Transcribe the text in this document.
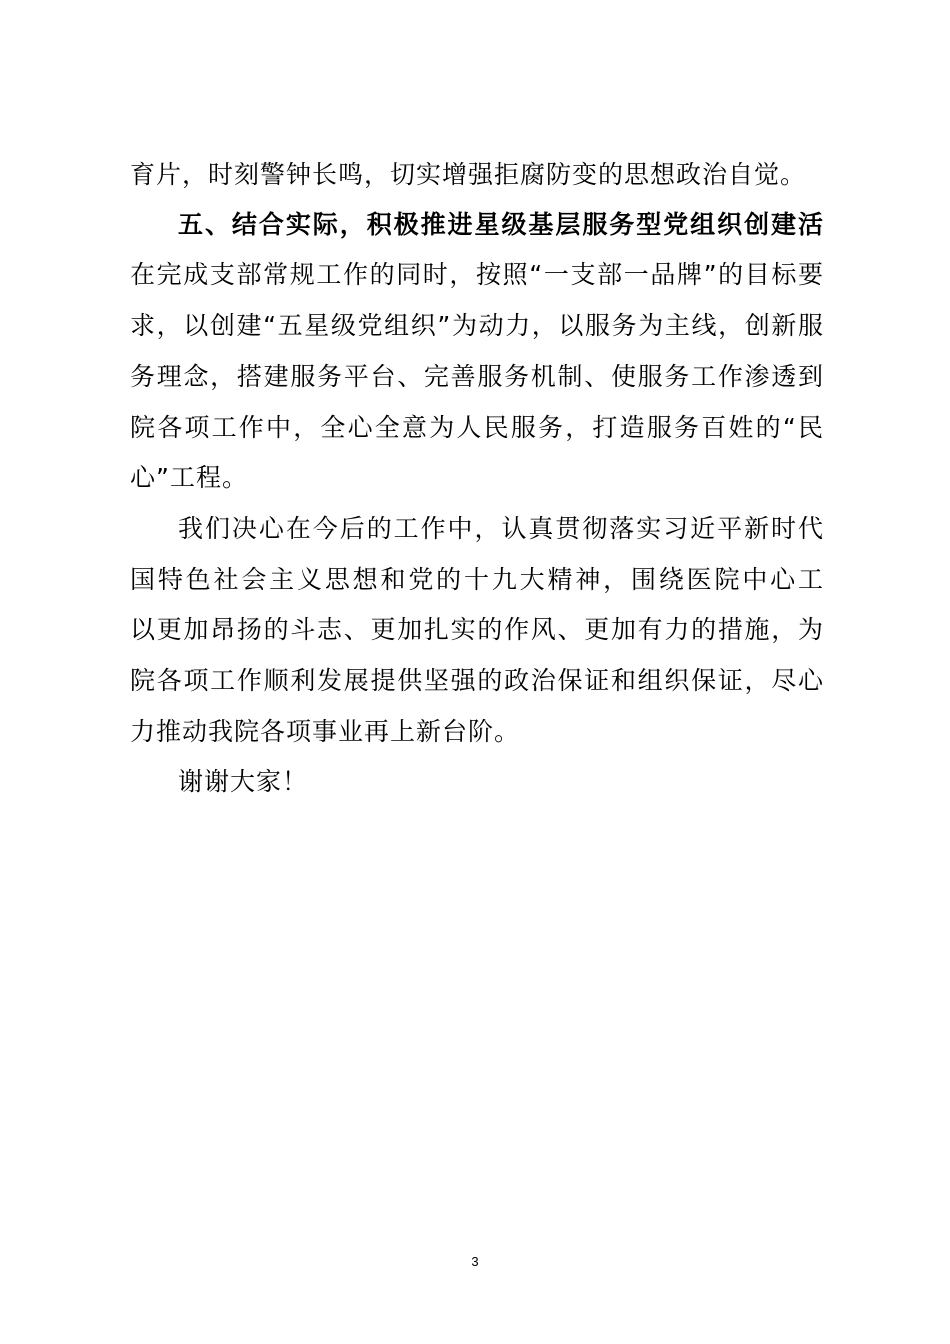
育片，时刻警钟长鸣，切实增强拒腐防变的思想政治自觉。
五、结合实际，积极推进星级基层服务型党组织创建活
在完成支部常规工作的同时，按照“一支部一品牌”的目标要
求，以创建“五星级党组织”为动力，以服务为主线，创新服
务理念，搭建服务平台、完善服务机制、使服务工作渗透到
院各项工作中，全心全意为人民服务，打造服务百姓的“民
心”工程。
我们决心在今后的工作中，认真贯彻落实习近平新时代
国特色社会主义思想和党的十九大精神，围绕医院中心工
以更加昂扬的斗志、更加扎实的作风、更加有力的措施，为
院各项工作顺利发展提供坚强的政治保证和组织保证，尽心
力推动我院各项事业再上新台阶。
谢谢大家！
3
